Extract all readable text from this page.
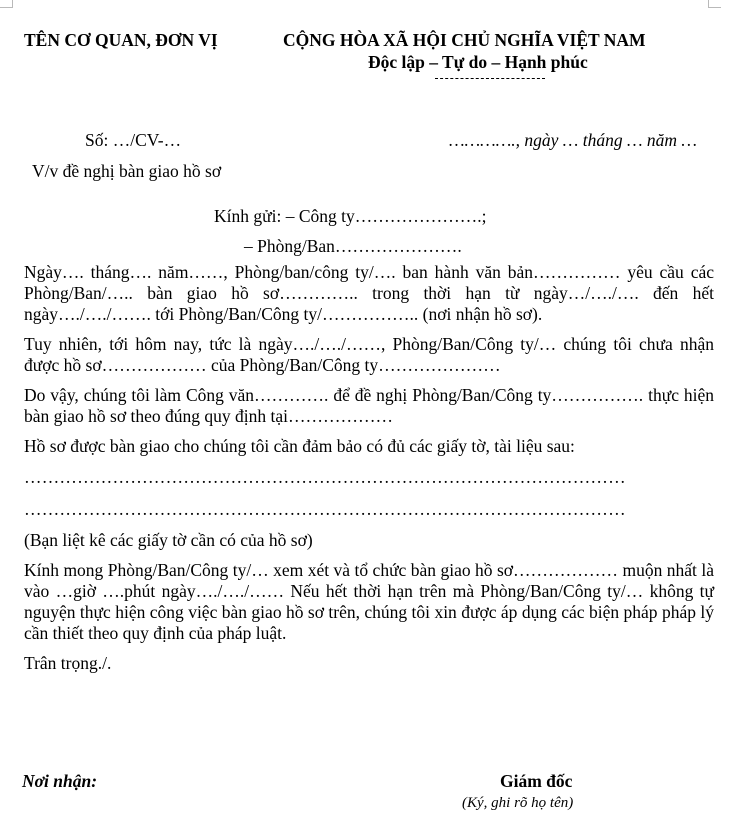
TÊN CƠ QUAN, ĐƠN VỊ	CỘNG HÒA XÃ HỘI CHỦ NGHĨA VIỆT NAM
Độc lập – Tự do – Hạnh phúc
Số: …/CV-…	…………., ngày … tháng … năm …
V/v đề nghị bàn giao hồ sơ
Kính gửi: – Công ty………………….;
– Phòng/Ban………………….

Ngày…. tháng…. năm……, Phòng/ban/công ty/…. ban hành văn bản…………… yêu cầu các Phòng/Ban/….. bàn giao hồ sơ………….. trong thời hạn từ ngày…/…./…. đến hết ngày…./…./……. tới Phòng/Ban/Công ty/…………….. (nơi nhận hồ sơ).

Tuy nhiên, tới hôm nay, tức là ngày…./…./……, Phòng/Ban/Công ty/… chúng tôi chưa nhận được hồ sơ……………… của Phòng/Ban/Công ty…………………

Do vậy, chúng tôi làm Công văn…………. để đề nghị Phòng/Ban/Công ty……………. thực hiện bàn giao hồ sơ theo đúng quy định tại………………

Hồ sơ được bàn giao cho chúng tôi cần đảm bảo có đủ các giấy tờ, tài liệu sau:

…………………………………………………………………………………………

…………………………………………………………………………………………

(Bạn liệt kê các giấy tờ cần có của hồ sơ)

Kính mong Phòng/Ban/Công ty/… xem xét và tổ chức bàn giao hồ sơ……………… muộn nhất là vào …giờ ….phút ngày…./…./…… Nếu hết thời hạn trên mà Phòng/Ban/Công ty/… không tự nguyện thực hiện công việc bàn giao hồ sơ trên, chúng tôi xin được áp dụng các biện pháp pháp lý cần thiết theo quy định của pháp luật.

Trân trọng./.

Nơi nhận:	Giám đốc
(Ký, ghi rõ họ tên)
